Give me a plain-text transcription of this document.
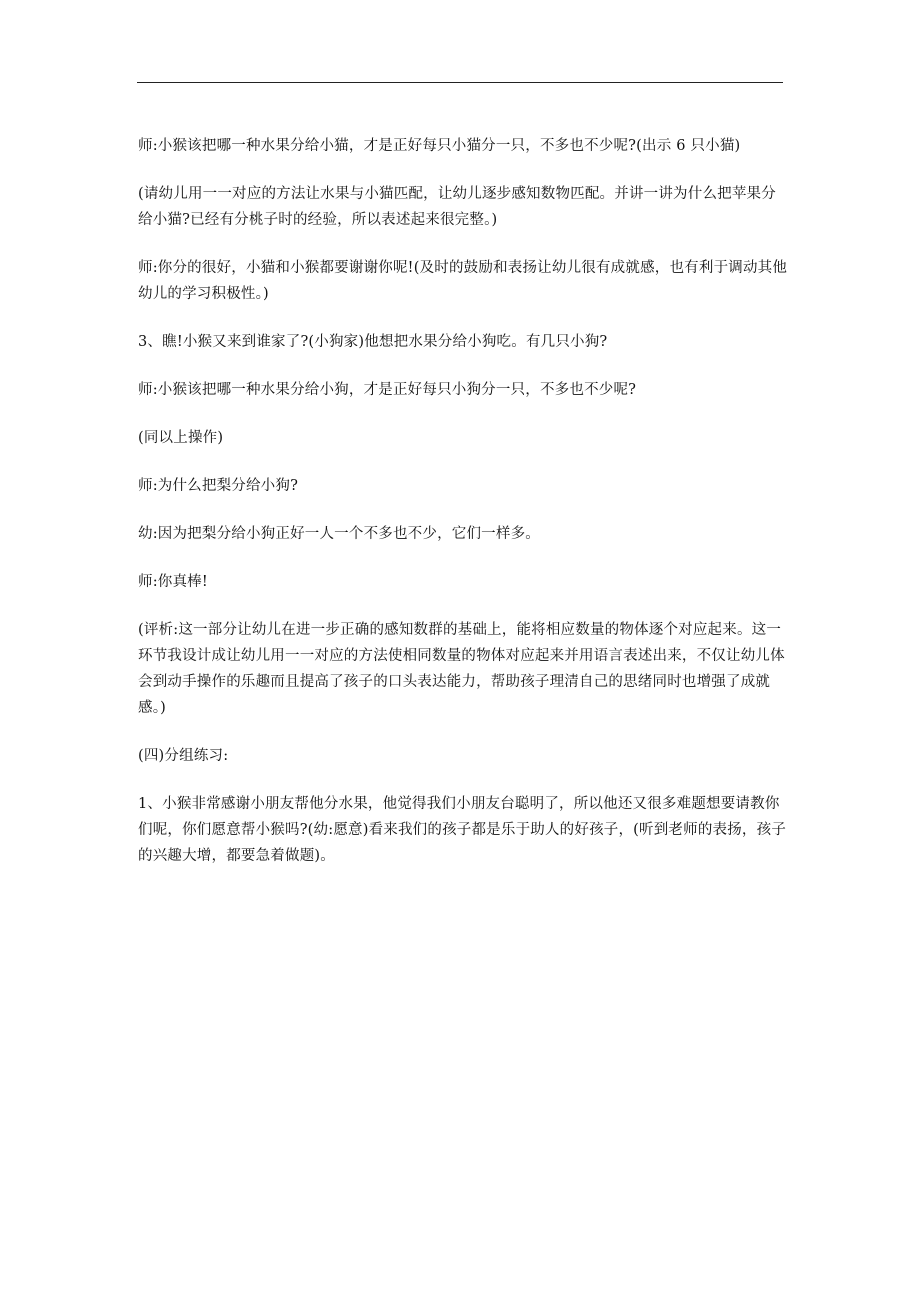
师:小猴该把哪一种水果分给小猫，才是正好每只小猫分一只，不多也不少呢?(出示 6 只小猫)

(请幼儿用一一对应的方法让水果与小猫匹配，让幼儿逐步感知数物匹配。并讲一讲为什么把苹果分给小猫?已经有分桃子时的经验，所以表述起来很完整。)

师:你分的很好，小猫和小猴都要谢谢你呢!(及时的鼓励和表扬让幼儿很有成就感，也有利于调动其他幼儿的学习积极性。)

3、瞧!小猴又来到谁家了?(小狗家)他想把水果分给小狗吃。有几只小狗?

师:小猴该把哪一种水果分给小狗，才是正好每只小狗分一只，不多也不少呢?

(同以上操作)

师:为什么把梨分给小狗?

幼:因为把梨分给小狗正好一人一个不多也不少，它们一样多。

师:你真棒!

(评析:这一部分让幼儿在进一步正确的感知数群的基础上，能将相应数量的物体逐个对应起来。这一环节我设计成让幼儿用一一对应的方法使相同数量的物体对应起来并用语言表述出来，不仅让幼儿体会到动手操作的乐趣而且提高了孩子的口头表达能力，帮助孩子理清自己的思绪同时也增强了成就感。)

(四)分组练习:

1、小猴非常感谢小朋友帮他分水果，他觉得我们小朋友台聪明了，所以他还又很多难题想要请教你们呢，你们愿意帮小猴吗?(幼:愿意)看来我们的孩子都是乐于助人的好孩子，(听到老师的表扬，孩子的兴趣大增，都要急着做题)。
